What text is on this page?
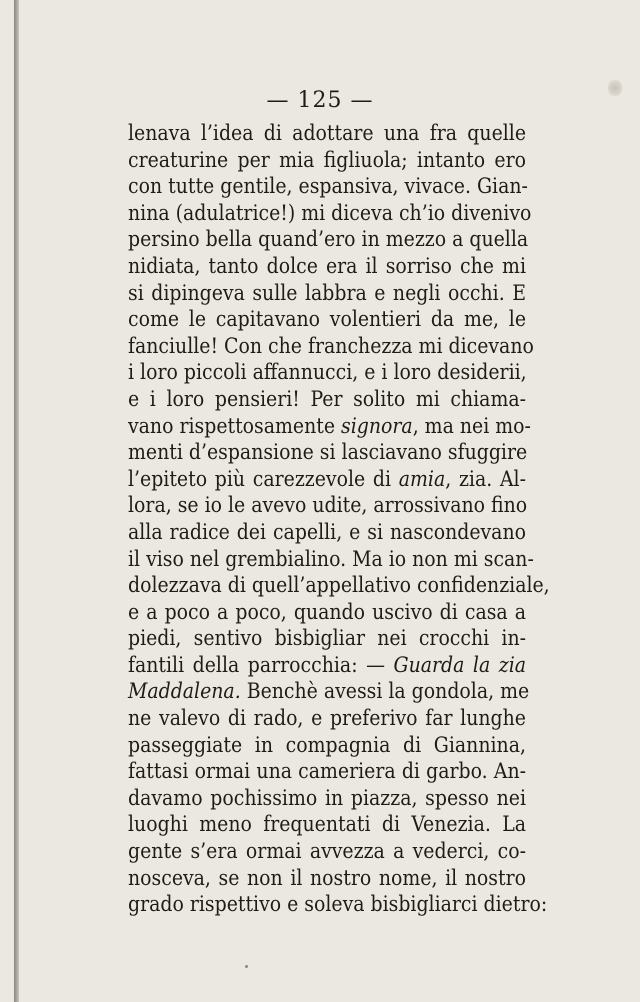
— 125 —
lenava l’idea di adottare una fra quelle
creaturine per mia figliuola; intanto ero
con tutte gentile, espansiva, vivace. Gian-
nina (adulatrice!) mi diceva ch’io divenivo
persino bella quand’ero in mezzo a quella
nidiata, tanto dolce era il sorriso che mi
si dipingeva sulle labbra e negli occhi. E
come le capitavano volentieri da me, le
fanciulle! Con che franchezza mi dicevano
i loro piccoli affannucci, e i loro desiderii,
e i loro pensieri! Per solito mi chiama-
vano rispettosamente signora, ma nei mo-
menti d’espansione si lasciavano sfuggire
l’epiteto più carezzevole di amia, zia. Al-
lora, se io le avevo udite, arrossivano fino
alla radice dei capelli, e si nascondevano
il viso nel grembialino. Ma io non mi scan-
dolezzava di quell’appellativo confidenziale,
e a poco a poco, quando uscivo di casa a
piedi, sentivo bisbigliar nei crocchi in-
fantili della parrocchia: — Guarda la zia
Maddalena. Benchè avessi la gondola, me
ne valevo di rado, e preferivo far lunghe
passeggiate in compagnia di Giannina,
fattasi ormai una cameriera di garbo. An-
davamo pochissimo in piazza, spesso nei
luoghi meno frequentati di Venezia. La
gente s’era ormai avvezza a vederci, co-
nosceva, se non il nostro nome, il nostro
grado rispettivo e soleva bisbigliarci dietro:
